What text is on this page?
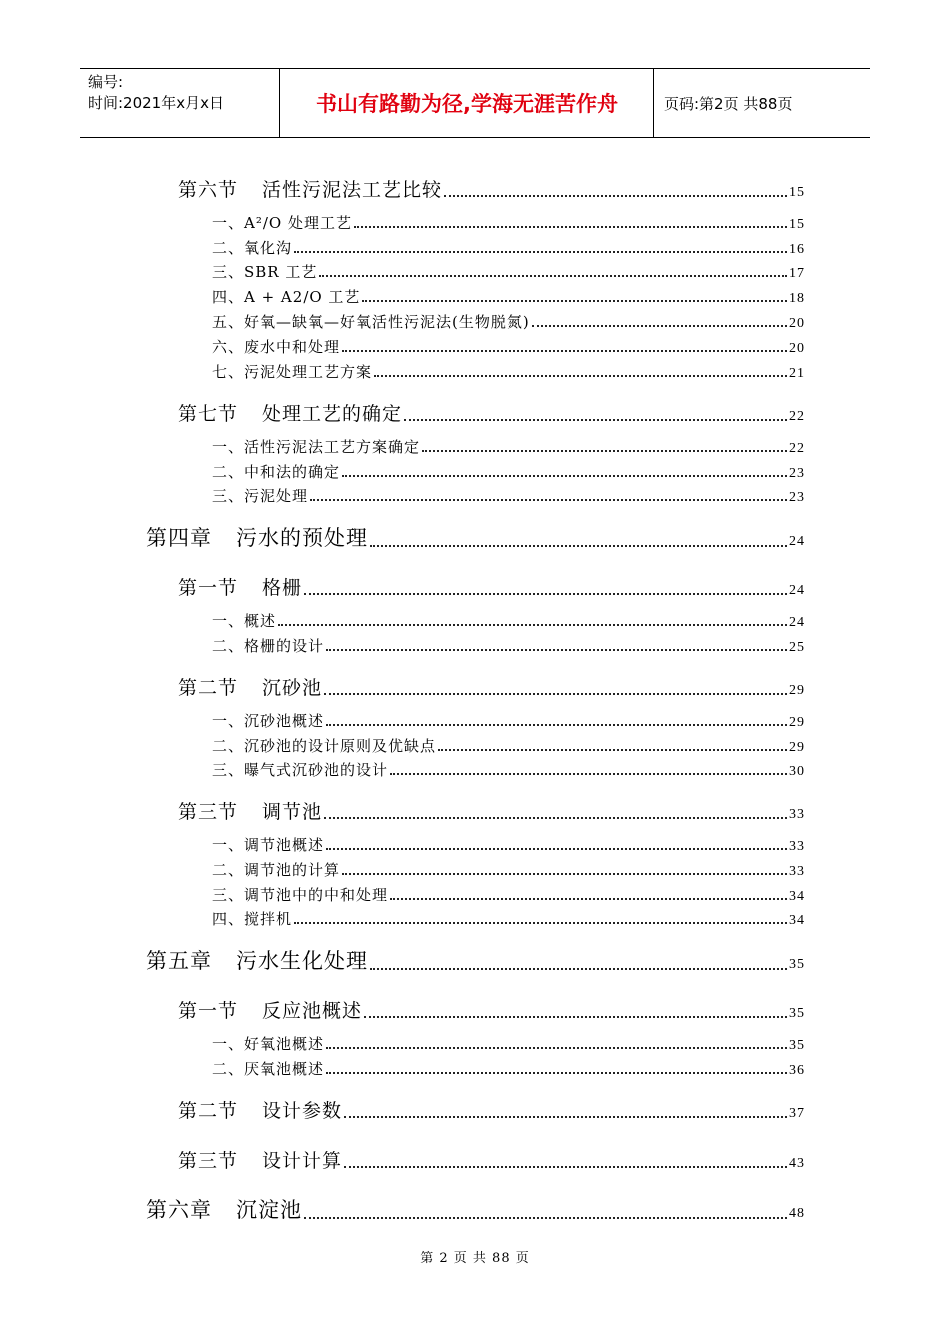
编号:
时间:2021年x月x日	书山有路勤为径,学海无涯苦作舟	页码:第2页 共88页
第六节 活性污泥法工艺比较	15
一、A²/O 处理工艺	15
二、氧化沟	16
三、SBR 工艺	17
四、A + A2/O 工艺	18
五、好氧—缺氧—好氧活性污泥法(生物脱氮)	20
六、废水中和处理	20
七、污泥处理工艺方案	21
第七节 处理工艺的确定	22
一、活性污泥法工艺方案确定	22
二、中和法的确定	23
三、污泥处理	23
第四章 污水的预处理	24
第一节 格栅	24
一、概述	24
二、格栅的设计	25
第二节 沉砂池	29
一、沉砂池概述	29
二、沉砂池的设计原则及优缺点	29
三、曝气式沉砂池的设计	30
第三节 调节池	33
一、调节池概述	33
二、调节池的计算	33
三、调节池中的中和处理	34
四、搅拌机	34
第五章 污水生化处理	35
第一节 反应池概述	35
一、好氧池概述	35
二、厌氧池概述	36
第二节 设计参数	37
第三节 设计计算	43
第六章 沉淀池	48
第 2 页 共 88 页
